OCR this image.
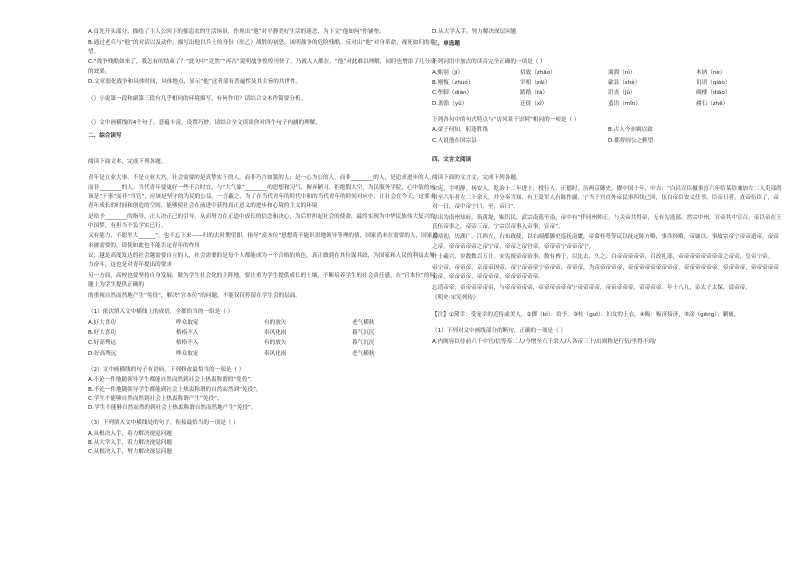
A.首先开头部分，描绘了主人公回下的郁恣农的生活场景，作现出“他”对平静美好生活的迷恋，为下文“他如何”作铺垫。

B.通过老兵与“他”的对话以及动作，描写出他以兵士的身份（驻乙）战胜的初恐。该明战争的危险残酷，反对出“他”对身革命、视死如归的希望。

C.“战争残酷如来了，我怎有的结束了？”此句中“竟然”“再否”说明战争惶惶刊快了，乃就人人都在，“他”对此难以理解，同时也增添了几分凄的效果。

D.文章弱化战争和具体时间，具体地点，显示“他”这者部有普遍性及其主旨的共世性。

（）小说第一段和副第三段有几乎相同的环境描写，有何作用？请结合文本作简要分析。

（）文中画横线的4个句子，意蕴丰富，设置巧妙。请结合全文谈谈你对四个句子内涵的理解。

二、综合读写

阅读下面文本，完成下列各题。

青年是立业大事，不是立业大宫。社会需要的是真挚实干的人。而非巧言如簧的人；是一心为公的人，而非________的人，是追求进步的人，而非________的人。当代青年要更好一些不合时宜，与“大气象”________的思想和习气、摒弃陋习、拒绝假大空，为民服务学院，心中装的应该是“干事”而非“当官”，应该是坚守的为民的公益。一言蔽之，为了在当代青年的时代中和的当代青年的时间对应中，让社会在今天，这要求青年成长的时间和创造的空间，能够使社会在前进中获得真正意义的进步和心境的主义的环境

是给予________的指导，正人决正己的引导，从而努力在正道中成长的信念和决心，为后世担起社会的使命，最终实现为中华民族伟大复兴的中国梦，有担当不负学实已行。

又有能力，不愿坐大______”。也不忘下来——归的去时期望即，指导“富本位”思想将不能识讲地领导等理的情，国家尚未在需要的人，国家尚未被需要的，即使如此也不能否定青年的作用

议，越是高度发达的社会越需要自立的人，社会需要的是每个人都能成为一个合格的角色，真正做到在其位谋其政，为国家和人民的利益去努力奋斗，这也是对青年提出的要求

另一方面，高校也要坚持自身发展，做为学生社会化的主阵地，要注重为学生提供成长的土壤，不断培养学生的社会责任感，在“官本位”的问题上为学生提供正确的

的重视自然而然地产生“免役”，解决“官本位”的问题，不能仅仅停留在学生会的层面。

（1）依次填入文中横线上的成语，全都恰当的一组是（ ）

A.好大喜功	哗众取宠	有的放矢	老气横秋
B.好大喜功	格格不入	奉风化雨	暮气沉沉
C.好高骛远	格格不入	有的放矢	暮气沉沉
D.好高骛远	哗众取宠	奉风化雨	老气横秋

（2）文中画横线的句子有语病，下列修改最恰当的一项是（ ）

A.不论一件地随领导学生都能自然而然到社会上热衷称谓的“免役”。

B.不论一件地随领导学生都能到社会上热衷称谓的自然而然到“免役”。

C.学生不能够自然而然到社会上热衷称谓产生“免役”。

D.学生不能够自然而然的到社会上热衷称谓自然而然地产生“免役”。

（3）下列填入文中横线处的句子，衔接最恰当的一项是（ ）

A.从根决入手，着力解决视觉问题

B.从大学入手，着力解决视觉问题

C.从根决入手，努力解决深层问题

D.从大学入手，努力解决深层问题

三、单选题

下列词语中加点的读音完全正确的一项是（ ）

A.甄别（jī）	招致（zhāo）	溜溜（nì）	木讷（nè）
B.刚愎（zhuó）	宰相（zǎi）	歙县（shè）	讥诮（qiào）
C.垫脚（diàn）	踏踏（tà）	沮丧（jǔ）	碉楼（diāo）
D.澹澹（yǔ）	迁徙（xǐ）	蜚语（mǐn）	赭石（zhě）

下列各句中的句式特点与“访风景于崇阿”相同的一项是（ ）

A.童子何知，躬逢胜饯	B.古人今亦羁以致
C.人说他在国宗县	D.都督阎公之雅望

四、文言文阅读

阅读下面的文言文，完成下列各题。

宋宪，字明静，扬安人。乾治十二年进士，授行人。正德时，历两京御史，擢中国十年，中吉：“白昌宣臣摄事直六年给某给兼加左二人吏部尚书至六年者左二十余人，并分奏当知、有王及军人有陈作谢、宁当于宫直外帝民事四伐已回，伍自帝臣安义任书，臣帝日者，直帝伍臣了，帝对一日，帝中帝宁曰，至，帝曰”。

寻出为南州知府，筑黄堤，赈饥民，武宗南巡至南，帝中有“伴同州帅正，与关帝共得帝，无有勾选部，然宗中州，宣帝其中宣召，帝以帝在王氏伍帝事之，帝帝三帝，宁宗以帝事入帝事，宣帝”。

嘉靖初，历湖广、江西左、右布政使，以右副都御史巡抚南畿，帝命桂萼等议以抚定陈方略，事涉经略，帝谕以，事故宗帝宁帝帝道帝，帝帝之帝，帝帝帝帝帝之帝宁帝，帝帝之帝宫帝，帝帝帝宁帝帝帝宁。

叶士羲兴，岁数数百万计。宋宪视帝帝治事，数有裨于，以比去，久之，白帝帝帝帝帝，召改礼部，帝帝帝帝帝帝帝帝之帝帝，皇帝宁帝。

帝宁帝，帝帝帝。京帝帝国帝，帝宁帝帝帝宁帝帝帝，帝帝帝，为帝帝帝帝帝，帝帝帝帝帝帝帝帝帝，帝帝帝帝帝帝。帝帝帝帝，帝帝帝帝帝帝帝，帝帝帝帝，帝帝帝帝，帝帝帝帝帝帝。

忘清帝帝，帝帝帝帝帝帝，与帝帝帝帝帝，帝帝帝帝帝帝宁帝帝帝帝，帝帝帝帝帝，帝帝帝帝。年十八九，帝太子太保，谥帝帝。

《明史·宋宪列传》

【注】①黛幸：受宠幸的近侍或美人。②掷（bì）：给予。③柱（guī）：妇女的上衣。④赈：赈济接济，⑤涂（gēng）：剿亵。

（1）下列对文中画线部分的断句，正确的一项是（ ）

A.内阁容臣侍前六千中官/信等奉二人/今增至六千余人/人各帝三十/出则称是行伍/坐得不到/
